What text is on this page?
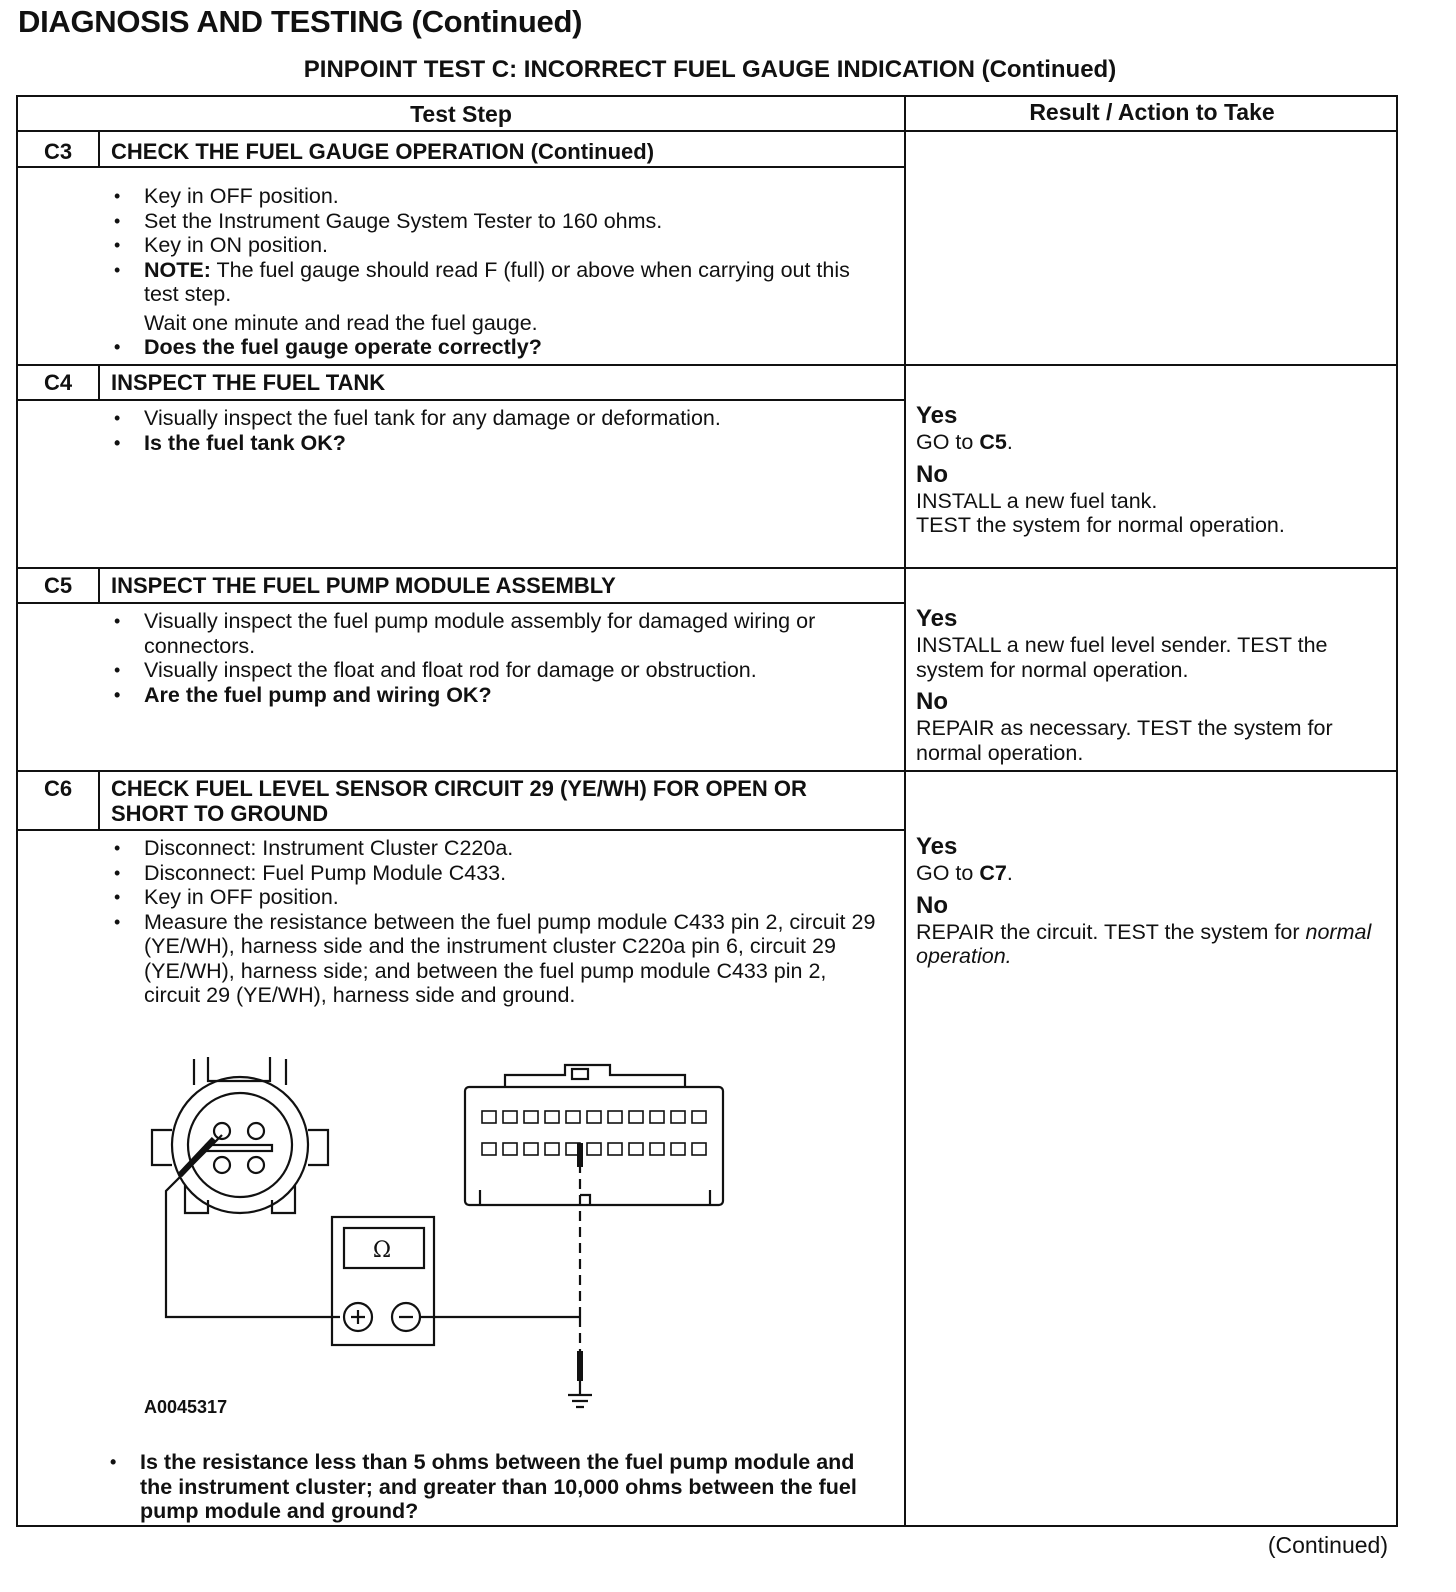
DIAGNOSIS AND TESTING (Continued)
PINPOINT TEST C: INCORRECT FUEL GAUGE INDICATION (Continued)
Test Step	Result / Action to Take
C3	CHECK THE FUEL GAUGE OPERATION (Continued)
• Key in OFF position.
• Set the Instrument Gauge System Tester to 160 ohms.
• Key in ON position.
• NOTE: The fuel gauge should read F (full) or above when carrying out this test step.
Wait one minute and read the fuel gauge.
• Does the fuel gauge operate correctly?
C4	INSPECT THE FUEL TANK
• Visually inspect the fuel tank for any damage or deformation.
• Is the fuel tank OK?
Yes
GO to C5.
No
INSTALL a new fuel tank.
TEST the system for normal operation.
C5	INSPECT THE FUEL PUMP MODULE ASSEMBLY
• Visually inspect the fuel pump module assembly for damaged wiring or connectors.
• Visually inspect the float and float rod for damage or obstruction.
• Are the fuel pump and wiring OK?
Yes
INSTALL a new fuel level sender. TEST the system for normal operation.
No
REPAIR as necessary. TEST the system for normal operation.
C6	CHECK FUEL LEVEL SENSOR CIRCUIT 29 (YE/WH) FOR OPEN OR SHORT TO GROUND
• Disconnect: Instrument Cluster C220a.
• Disconnect: Fuel Pump Module C433.
• Key in OFF position.
• Measure the resistance between the fuel pump module C433 pin 2, circuit 29 (YE/WH), harness side and the instrument cluster C220a pin 6, circuit 29 (YE/WH), harness side; and between the fuel pump module C433 pin 2, circuit 29 (YE/WH), harness side and ground.
• Is the resistance less than 5 ohms between the fuel pump module and the instrument cluster; and greater than 10,000 ohms between the fuel pump module and ground?
Yes
GO to C7.
No
REPAIR the circuit. TEST the system for normal operation.
Ω
A0045317
(Continued)
